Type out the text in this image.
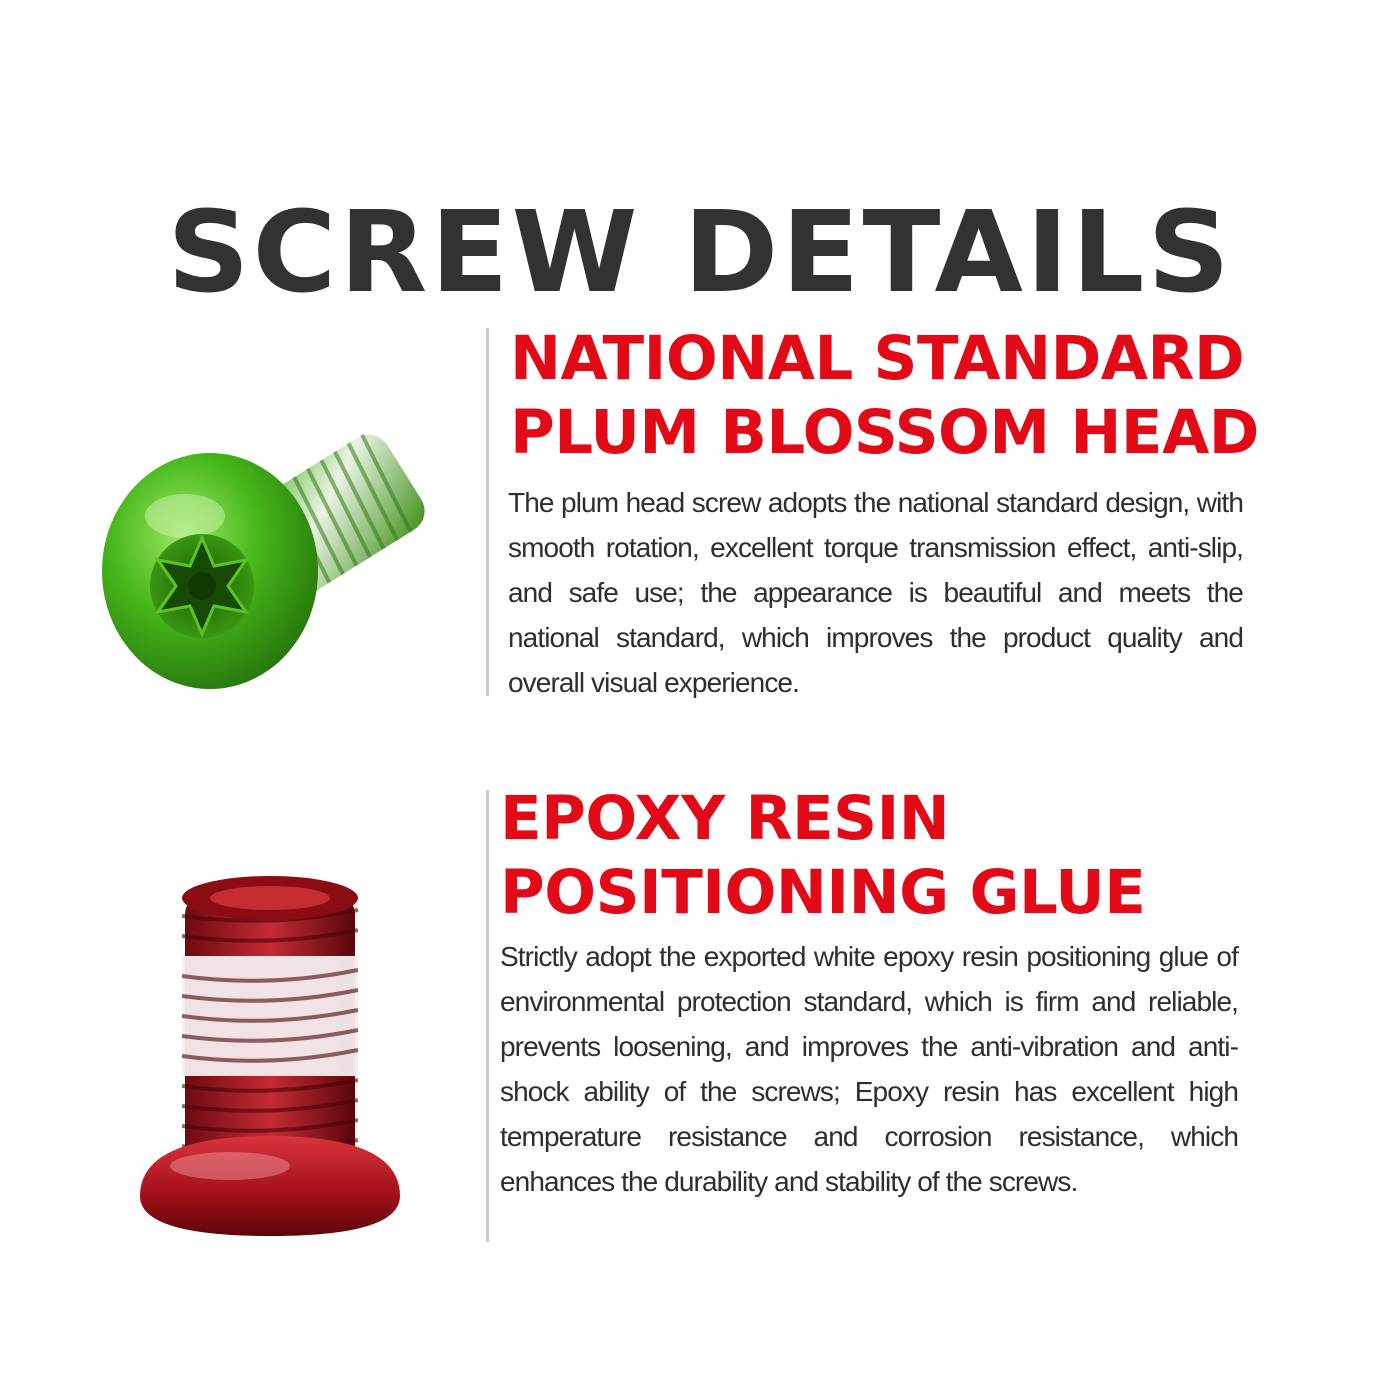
SCREW DETAILS
NATIONAL STANDARD
PLUM BLOSSOM HEAD

The plum head screw adopts the national standard design, with smooth rotation, excellent torque transmission effect, anti-slip, and safe use; the appearance is beautiful and meets the national standard, which improves the product quality and overall visual experience.

EPOXY RESIN
POSITIONING GLUE

Strictly adopt the exported white epoxy resin positioning glue of environmental protection standard, which is firm and reliable, prevents loosening, and improves the anti-vibration and anti-shock ability of the screws; Epoxy resin has excellent high temperature resistance and corrosion resistance, which enhances the durability and stability of the screws.
